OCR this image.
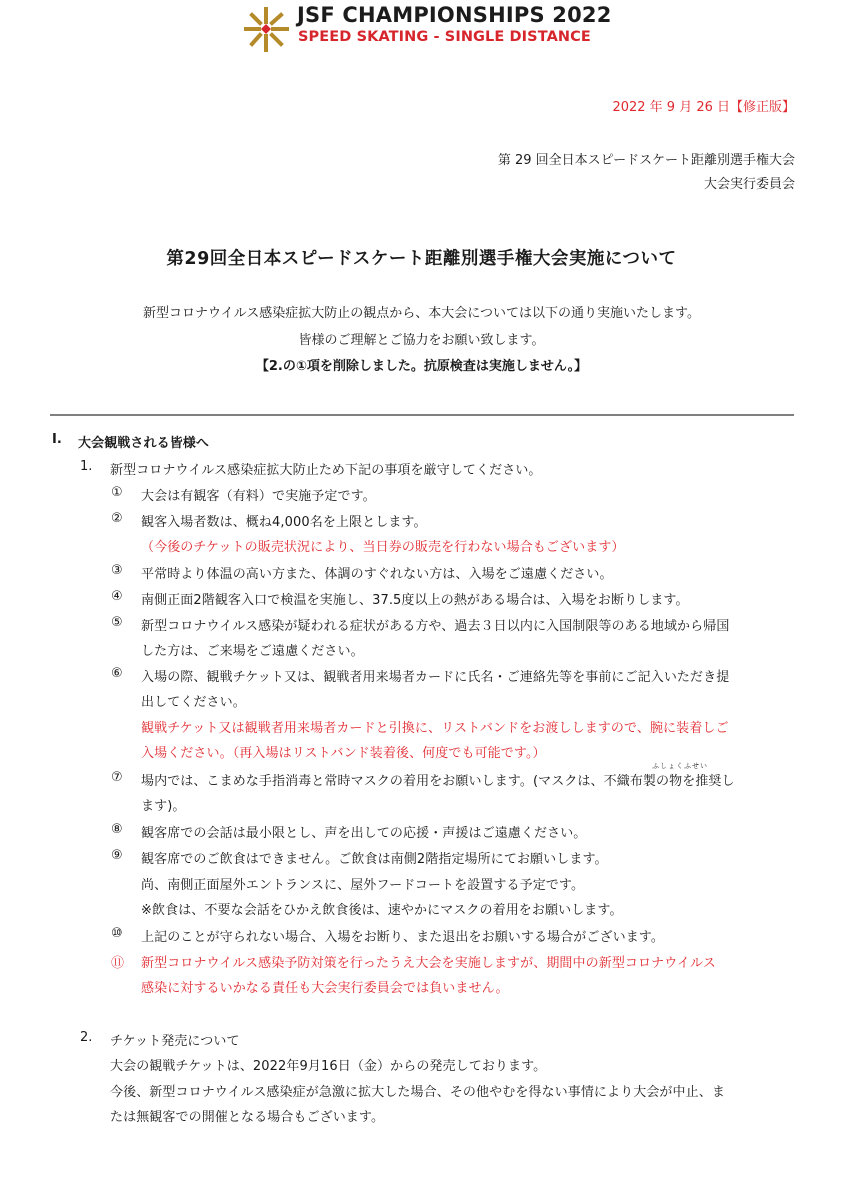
JSF CHAMPIONSHIPS 2022
SPEED SKATING - SINGLE DISTANCE
2022 年 9 月 26 日【修正版】
第 29 回全日本スピードスケート距離別選手権大会
大会実行委員会
第29回全日本スピードスケート距離別選手権大会実施について
新型コロナウイルス感染症拡大防止の観点から、本大会については以下の通り実施いたします。
皆様のご理解とご協力をお願い致します。
【2.の①項を削除しました。抗原検査は実施しません。】
I. 大会観戦される皆様へ
1. 新型コロナウイルス感染症拡大防止ため下記の事項を厳守してください。
① 大会は有観客（有料）で実施予定です。
② 観客入場者数は、概ね4,000名を上限とします。
（今後のチケットの販売状況により、当日券の販売を行わない場合もございます）
③ 平常時より体温の高い方また、体調のすぐれない方は、入場をご遠慮ください。
④ 南側正面2階観客入口で検温を実施し、37.5度以上の熱がある場合は、入場をお断りします。
⑤ 新型コロナウイルス感染が疑われる症状がある方や、過去３日以内に入国制限等のある地域から帰国
した方は、ご来場をご遠慮ください。
⑥ 入場の際、観戦チケット又は、観戦者用来場者カードに氏名・ご連絡先等を事前にご記入いただき提
出してください。
観戦チケット又は観戦者用来場者カードと引換に、リストバンドをお渡ししますので、腕に装着しご
入場ください。（再入場はリストバンド装着後、何度でも可能です。）
ふしょくふせい
⑦ 場内では、こまめな手指消毒と常時マスクの着用をお願いします。(マスクは、不織布製の物を推奨し
ます)。
⑧ 観客席での会話は最小限とし、声を出しての応援・声援はご遠慮ください。
⑨ 観客席でのご飲食はできません。ご飲食は南側2階指定場所にてお願いします。
尚、南側正面屋外エントランスに、屋外フードコートを設置する予定です。
※飲食は、不要な会話をひかえ飲食後は、速やかにマスクの着用をお願いします。
⑩ 上記のことが守られない場合、入場をお断り、また退出をお願いする場合がございます。
⑪ 新型コロナウイルス感染予防対策を行ったうえ大会を実施しますが、期間中の新型コロナウイルス
感染に対するいかなる責任も大会実行委員会では負いません。
2. チケット発売について
大会の観戦チケットは、2022年9月16日（金）からの発売しております。
今後、新型コロナウイルス感染症が急激に拡大した場合、その他やむを得ない事情により大会が中止、ま
たは無観客での開催となる場合もございます。
